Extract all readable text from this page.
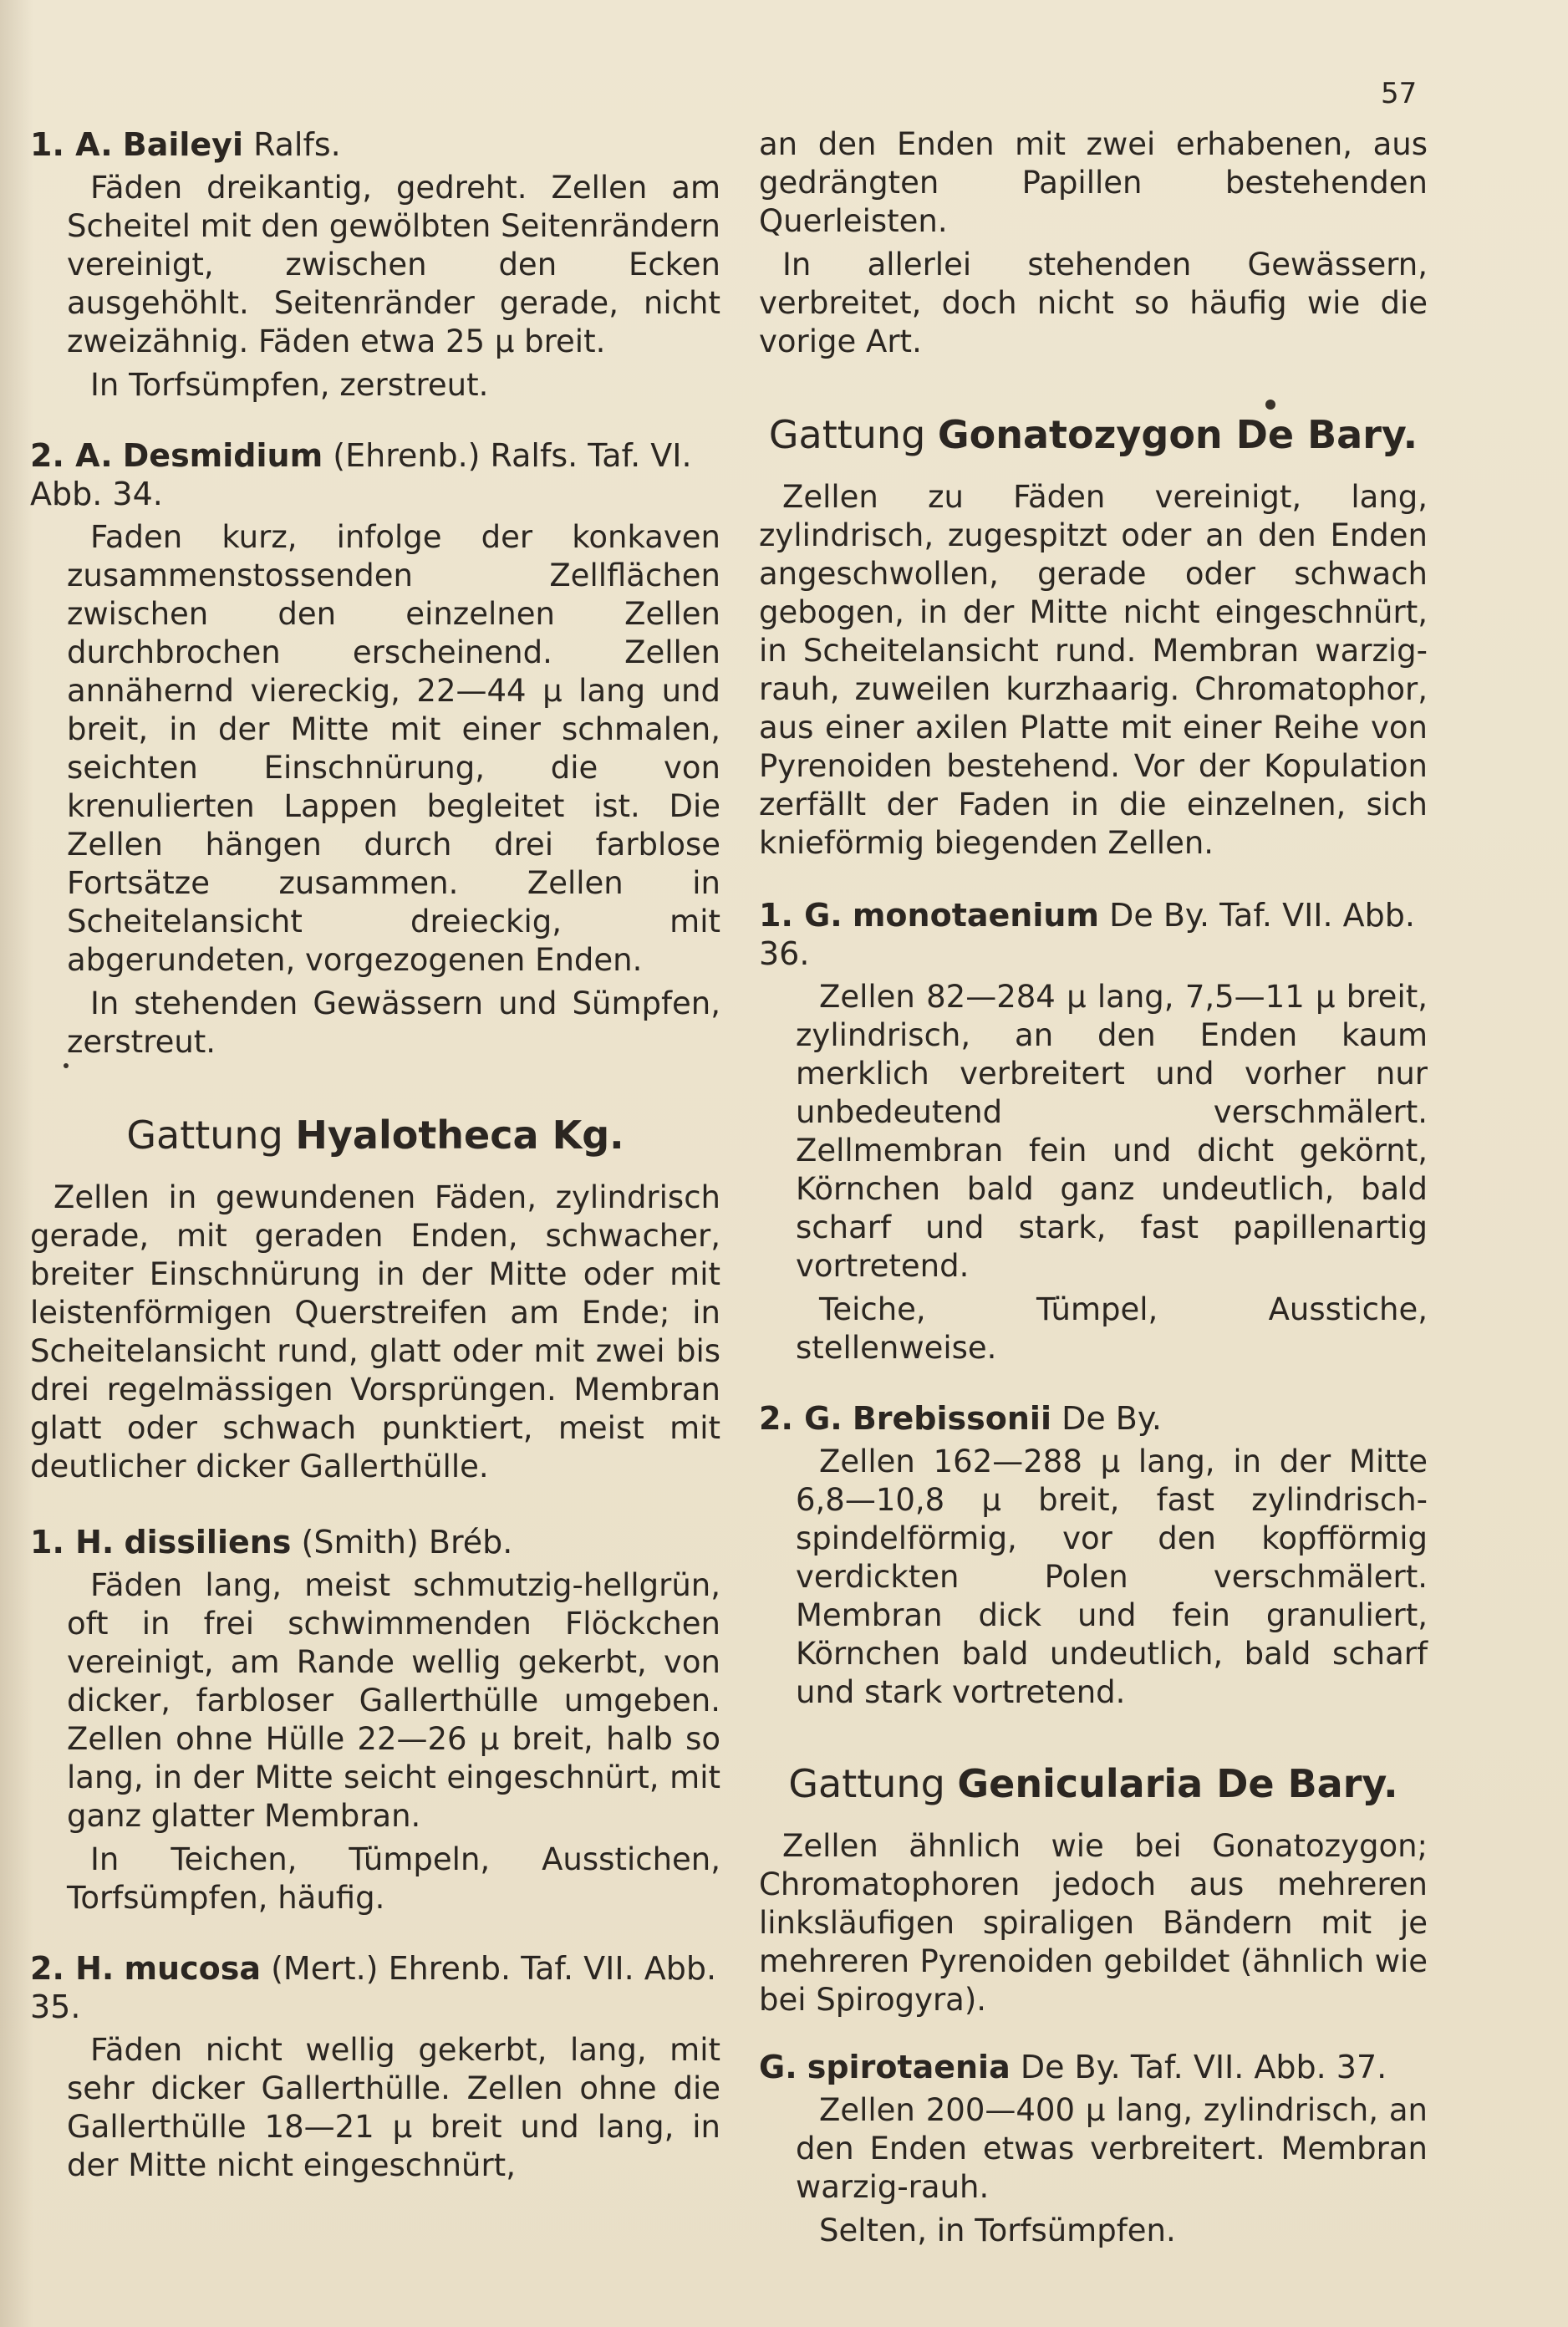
57

1. A. Baileyi Ralfs.

Fäden dreikantig, gedreht. Zellen am Scheitel mit den gewölbten Seitenrändern vereinigt, zwischen den Ecken ausgehöhlt. Seitenränder gerade, nicht zweizähnig. Fäden etwa 25 μ breit.

In Torfsümpfen, zerstreut.

2. A. Desmidium (Ehrenb.) Ralfs. Taf. VI. Abb. 34.

Faden kurz, infolge der konkaven zusammenstossenden Zellflächen zwischen den einzelnen Zellen durchbrochen erscheinend. Zellen annähernd viereckig, 22—44 μ lang und breit, in der Mitte mit einer schmalen, seichten Einschnürung, die von krenulierten Lappen begleitet ist. Die Zellen hängen durch drei farblose Fortsätze zusammen. Zellen in Scheitelansicht dreieckig, mit abgerundeten, vorgezogenen Enden.

In stehenden Gewässern und Sümpfen, zerstreut.

Gattung Hyalotheca Kg.

Zellen in gewundenen Fäden, zylindrisch gerade, mit geraden Enden, schwacher, breiter Einschnürung in der Mitte oder mit leistenförmigen Querstreifen am Ende; in Scheitelansicht rund, glatt oder mit zwei bis drei regelmässigen Vorsprüngen. Membran glatt oder schwach punktiert, meist mit deutlicher dicker Gallerthülle.

1. H. dissiliens (Smith) Bréb.

Fäden lang, meist schmutzig-hellgrün, oft in frei schwimmenden Flöckchen vereinigt, am Rande wellig gekerbt, von dicker, farbloser Gallerthülle umgeben. Zellen ohne Hülle 22—26 μ breit, halb so lang, in der Mitte seicht eingeschnürt, mit ganz glatter Membran.

In Teichen, Tümpeln, Ausstichen, Torfsümpfen, häufig.

2. H. mucosa (Mert.) Ehrenb. Taf. VII. Abb. 35.

Fäden nicht wellig gekerbt, lang, mit sehr dicker Gallerthülle. Zellen ohne die Gallerthülle 18—21 μ breit und lang, in der Mitte nicht eingeschnürt,

an den Enden mit zwei erhabenen, aus gedrängten Papillen bestehenden Querleisten.

In allerlei stehenden Gewässern, verbreitet, doch nicht so häufig wie die vorige Art.

Gattung Gonatozygon De Bary.

Zellen zu Fäden vereinigt, lang, zylindrisch, zugespitzt oder an den Enden angeschwollen, gerade oder schwach gebogen, in der Mitte nicht eingeschnürt, in Scheitelansicht rund. Membran warzig-rauh, zuweilen kurzhaarig. Chromatophor, aus einer axilen Platte mit einer Reihe von Pyrenoiden bestehend. Vor der Kopulation zerfällt der Faden in die einzelnen, sich knieförmig biegenden Zellen.

1. G. monotaenium De By. Taf. VII. Abb. 36.

Zellen 82—284 μ lang, 7,5—11 μ breit, zylindrisch, an den Enden kaum merklich verbreitert und vorher nur unbedeutend verschmälert. Zellmembran fein und dicht gekörnt, Körnchen bald ganz undeutlich, bald scharf und stark, fast papillenartig vortretend.

Teiche, Tümpel, Ausstiche, stellenweise.

2. G. Brebissonii De By.

Zellen 162—288 μ lang, in der Mitte 6,8—10,8 μ breit, fast zylindrisch-spindelförmig, vor den kopfförmig verdickten Polen verschmälert. Membran dick und fein granuliert, Körnchen bald undeutlich, bald scharf und stark vortretend.

Gattung Genicularia De Bary.

Zellen ähnlich wie bei Gonatozygon; Chromatophoren jedoch aus mehreren linksläufigen spiraligen Bändern mit je mehreren Pyrenoiden gebildet (ähnlich wie bei Spirogyra).

G. spirotaenia De By. Taf. VII. Abb. 37.

Zellen 200—400 μ lang, zylindrisch, an den Enden etwas verbreitert. Membran warzig-rauh.

Selten, in Torfsümpfen.
